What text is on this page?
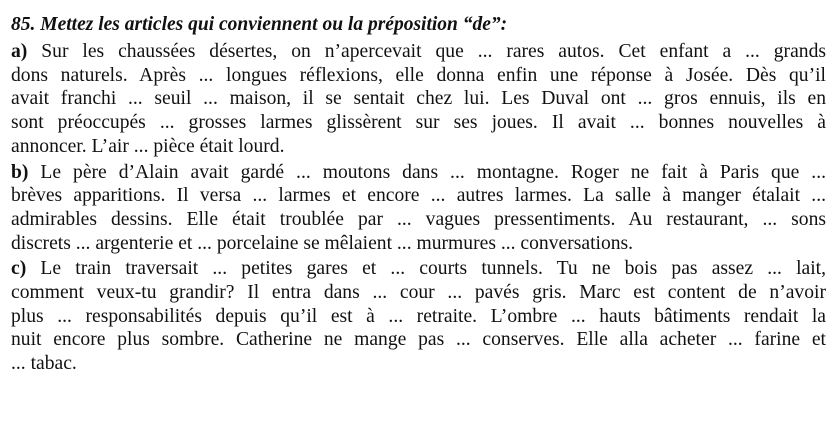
85. Mettez les articles qui conviennent ou la préposition “de”:
a) Sur les chaussées désertes, on n’apercevait que ... rares autos. Cet enfant a ... grands
dons naturels. Après ... longues réflexions, elle donna enfin une réponse à Josée. Dès qu’il
avait franchi ... seuil ... maison, il se sentait chez lui. Les Duval ont ... gros ennuis, ils en
sont préoccupés ... grosses larmes glissèrent sur ses joues. Il avait ... bonnes nouvelles à
annoncer. L’air ... pièce était lourd.
b) Le père d’Alain avait gardé ... moutons dans ... montagne. Roger ne fait à Paris que ...
brèves apparitions. Il versa ... larmes et encore ... autres larmes. La salle à manger étalait ...
admirables dessins. Elle était troublée par ... vagues pressentiments. Au restaurant, ... sons
discrets ... argenterie et ... porcelaine se mêlaient ... murmures ... conversations.
c) Le train traversait ... petites gares et ... courts tunnels. Tu ne bois pas assez ... lait,
comment veux-tu grandir? Il entra dans ... cour ... pavés gris. Marc est content de n’avoir
plus ... responsabilités depuis qu’il est à ... retraite. L’ombre ... hauts bâtiments rendait la
nuit encore plus sombre. Catherine ne mange pas ... conserves. Elle alla acheter ... farine et
... tabac.
